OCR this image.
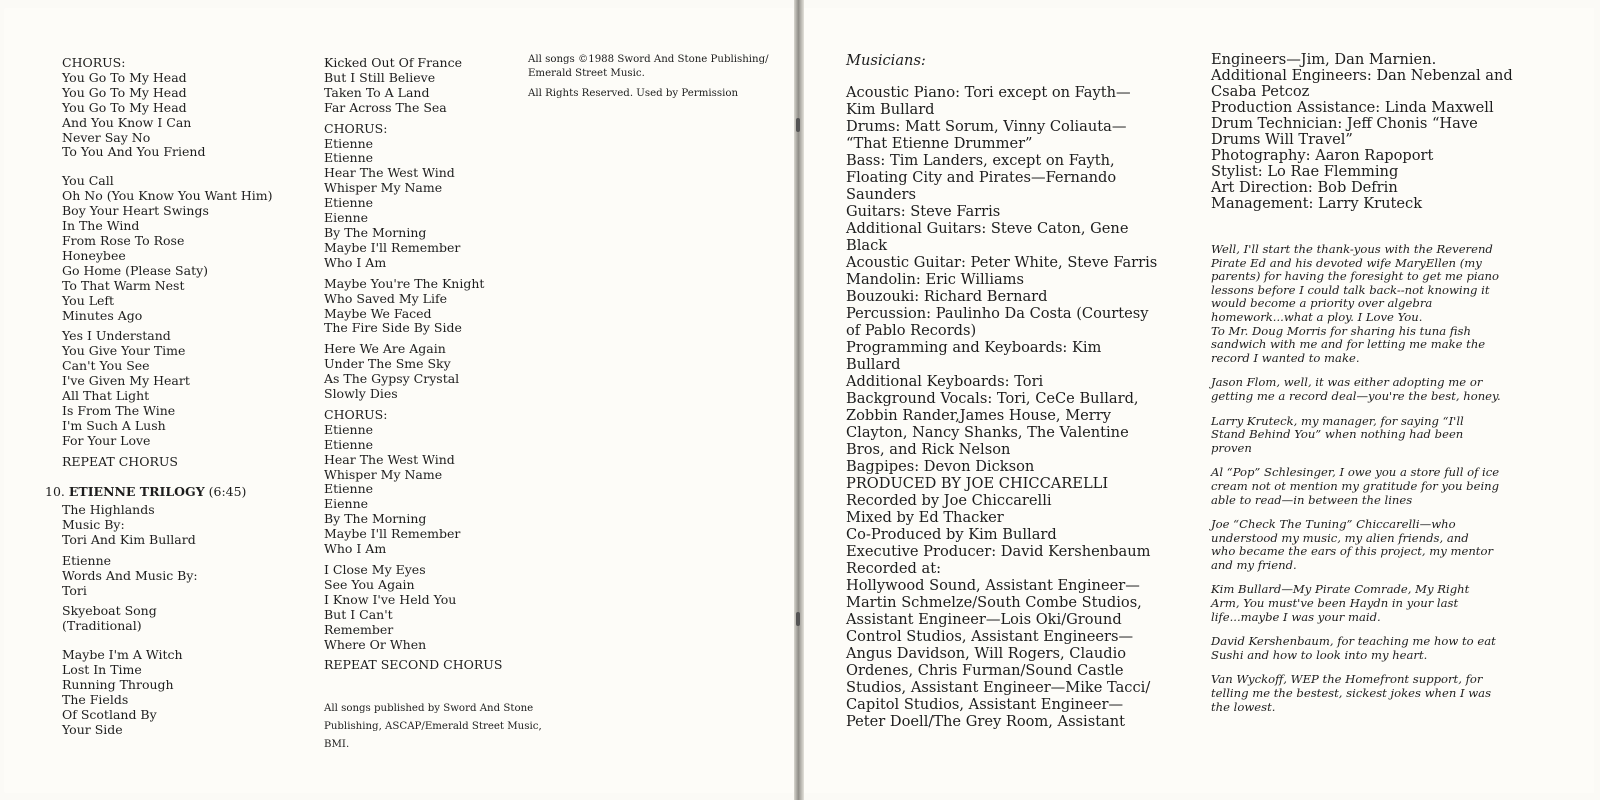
CHORUS:
You Go To My Head
You Go To My Head
You Go To My Head
And You Know I Can
Never Say No
To You And You Friend
You Call
Oh No (You Know You Want Him)
Boy Your Heart Swings
In The Wind
From Rose To Rose
Honeybee
Go Home (Please Saty)
To That Warm Nest
You Left
Minutes Ago
Yes I Understand
You Give Your Time
Can't You See
I've Given My Heart
All That Light
Is From The Wine
I'm Such A Lush
For Your Love
REPEAT CHORUS
10. ETIENNE TRILOGY (6:45)
The Highlands
Music By:
Tori And Kim Bullard
Etienne
Words And Music By:
Tori
Skyeboat Song
(Traditional)
Maybe I'm A Witch
Lost In Time
Running Through
The Fields
Of Scotland By
Your Side
Kicked Out Of France
But I Still Believe
Taken To A Land
Far Across The Sea
CHORUS:
Etienne
Etienne
Hear The West Wind
Whisper My Name
Etienne
Eienne
By The Morning
Maybe I'll Remember
Who I Am
Maybe You're The Knight
Who Saved My Life
Maybe We Faced
The Fire Side By Side
Here We Are Again
Under The Sme Sky
As The Gypsy Crystal
Slowly Dies
CHORUS:
Etienne
Etienne
Hear The West Wind
Whisper My Name
Etienne
Eienne
By The Morning
Maybe I'll Remember
Who I Am
I Close My Eyes
See You Again
I Know I've Held You
But I Can't
Remember
Where Or When
REPEAT SECOND CHORUS
All songs published by Sword And Stone
Publishing, ASCAP/Emerald Street Music,
BMI.
All songs ©1988 Sword And Stone Publishing/
Emerald Street Music.
All Rights Reserved. Used by Permission
Musicians:
Acoustic Piano: Tori except on Fayth—
Kim Bullard
Drums: Matt Sorum, Vinny Coliauta—
“That Etienne Drummer”
Bass: Tim Landers, except on Fayth,
Floating City and Pirates—Fernando
Saunders
Guitars: Steve Farris
Additional Guitars: Steve Caton, Gene
Black
Acoustic Guitar: Peter White, Steve Farris
Mandolin: Eric Williams
Bouzouki: Richard Bernard
Percussion: Paulinho Da Costa (Courtesy
of Pablo Records)
Programming and Keyboards: Kim
Bullard
Additional Keyboards: Tori
Background Vocals: Tori, CeCe Bullard,
Zobbin Rander,James House, Merry
Clayton, Nancy Shanks, The Valentine
Bros, and Rick Nelson
Bagpipes: Devon Dickson
PRODUCED BY JOE CHICCARELLI
Recorded by Joe Chiccarelli
Mixed by Ed Thacker
Co-Produced by Kim Bullard
Executive Producer: David Kershenbaum
Recorded at:
Hollywood Sound, Assistant Engineer—
Martin Schmelze/South Combe Studios,
Assistant Engineer—Lois Oki/Ground
Control Studios, Assistant Engineers—
Angus Davidson, Will Rogers, Claudio
Ordenes, Chris Furman/Sound Castle
Studios, Assistant Engineer—Mike Tacci/
Capitol Studios, Assistant Engineer—
Peter Doell/The Grey Room, Assistant
Engineers—Jim, Dan Marnien.
Additional Engineers: Dan Nebenzal and
Csaba Petcoz
Production Assistance: Linda Maxwell
Drum Technician: Jeff Chonis “Have
Drums Will Travel”
Photography: Aaron Rapoport
Stylist: Lo Rae Flemming
Art Direction: Bob Defrin
Management: Larry Kruteck

Well, I'll start the thank-yous with the Reverend
Pirate Ed and his devoted wife MaryEllen (my
parents) for having the foresight to get me piano
lessons before I could talk back--not knowing it
would become a priority over algebra
homework...what a ploy. I Love You.
To Mr. Doug Morris for sharing his tuna fish
sandwich with me and for letting me make the
record I wanted to make.

Jason Flom, well, it was either adopting me or
getting me a record deal—you're the best, honey.

Larry Kruteck, my manager, for saying “I'll
Stand Behind You” when nothing had been
proven

Al “Pop” Schlesinger, I owe you a store full of ice
cream not ot mention my gratitude for you being
able to read—in between the lines

Joe “Check The Tuning” Chiccarelli—who
understood my music, my alien friends, and
who became the ears of this project, my mentor
and my friend.

Kim Bullard—My Pirate Comrade, My Right
Arm, You must've been Haydn in your last
life...maybe I was your maid.

David Kershenbaum, for teaching me how to eat
Sushi and how to look into my heart.

Van Wyckoff, WEP the Homefront support, for
telling me the bestest, sickest jokes when I was
the lowest.
